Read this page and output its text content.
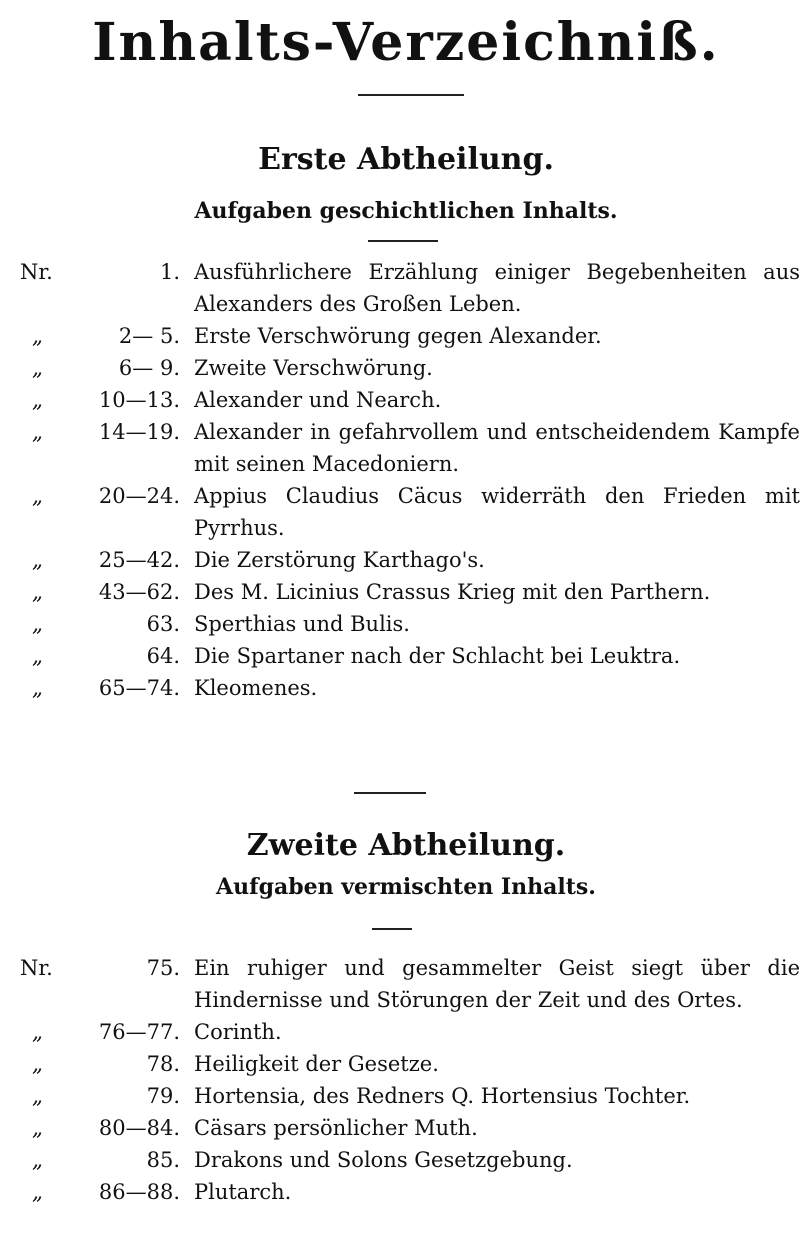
Inhalts-Verzeichniß.
Erste Abtheilung.
Aufgaben geschichtlichen Inhalts.
Nr.	1. Ausführlichere Erzählung einiger Begebenheiten aus Alexanders des Großen Leben.
„	2— 5. Erste Verschwörung gegen Alexander.
„	6— 9. Zweite Verschwörung.
„	10—13. Alexander und Nearch.
„	14—19. Alexander in gefahrvollem und entscheidendem Kampfe mit seinen Macedoniern.
„	20—24. Appius Claudius Cäcus widerräth den Frieden mit Pyrrhus.
„	25—42. Die Zerstörung Karthago's.
„	43—62. Des M. Licinius Crassus Krieg mit den Parthern.
„	63. Sperthias und Bulis.
„	64. Die Spartaner nach der Schlacht bei Leuktra.
„	65—74. Kleomenes.
Zweite Abtheilung.
Aufgaben vermischten Inhalts.
Nr.	75. Ein ruhiger und gesammelter Geist siegt über die Hindernisse und Störungen der Zeit und des Ortes.
„	76—77. Corinth.
„	78. Heiligkeit der Gesetze.
„	79. Hortensia, des Redners Q. Hortensius Tochter.
„	80—84. Cäsars persönlicher Muth.
„	85. Drakons und Solons Gesetzgebung.
„	86—88. Plutarch.
